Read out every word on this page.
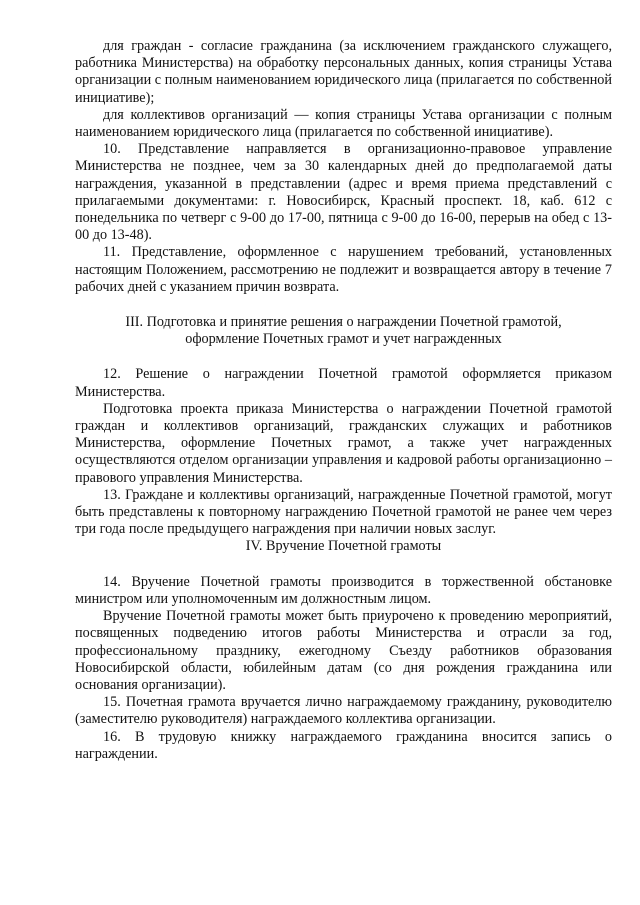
для граждан - согласие гражданина (за исключением гражданского служащего, работника Министерства) на обработку персональных данных, копия страницы Устава организации с полным наименованием юридического лица (прилагается по собственной инициативе);

для коллективов организаций — копия страницы Устава организации с полным наименованием юридического лица (прилагается по собственной инициативе).

10. Представление направляется в организационно-правовое управление Министерства не позднее, чем за 30 календарных дней до предполагаемой даты награждения, указанной в представлении (адрес и время приема представлений с прилагаемыми документами: г. Новосибирск, Красный проспект. 18, каб. 612 с понедельника по четверг с 9-00 до 17-00, пятница с 9-00 до 16-00, перерыв на обед с 13-00 до 13-48).

11. Представление, оформленное с нарушением требований, установленных настоящим Положением, рассмотрению не подлежит и возвращается автору в течение 7 рабочих дней с указанием причин возврата.

III. Подготовка и принятие решения о награждении Почетной грамотой,

оформление Почетных грамот и учет награжденных

12. Решение о награждении Почетной грамотой оформляется приказом Министерства.

Подготовка проекта приказа Министерства о награждении Почетной грамотой граждан и коллективов организаций, гражданских служащих и работников Министерства, оформление Почетных грамот, а также учет награжденных осуществляются отделом организации управления и кадровой работы организационно – правового управления Министерства.

13. Граждане и коллективы организаций, награжденные Почетной грамотой, могут быть представлены к повторному награждению Почетной грамотой не ранее чем через три года после предыдущего награждения при наличии новых заслуг.

IV. Вручение Почетной грамоты

14. Вручение Почетной грамоты производится в торжественной обстановке министром или уполномоченным им должностным лицом.

Вручение Почетной грамоты может быть приурочено к проведению мероприятий, посвященных подведению итогов работы Министерства и отрасли за год, профессиональному празднику, ежегодному Съезду работников образования Новосибирской области, юбилейным датам (со дня рождения гражданина или основания организации).

15. Почетная грамота вручается лично награждаемому гражданину, руководителю (заместителю руководителя) награждаемого коллектива организации.

16. В трудовую книжку награждаемого гражданина вносится запись о награждении.
